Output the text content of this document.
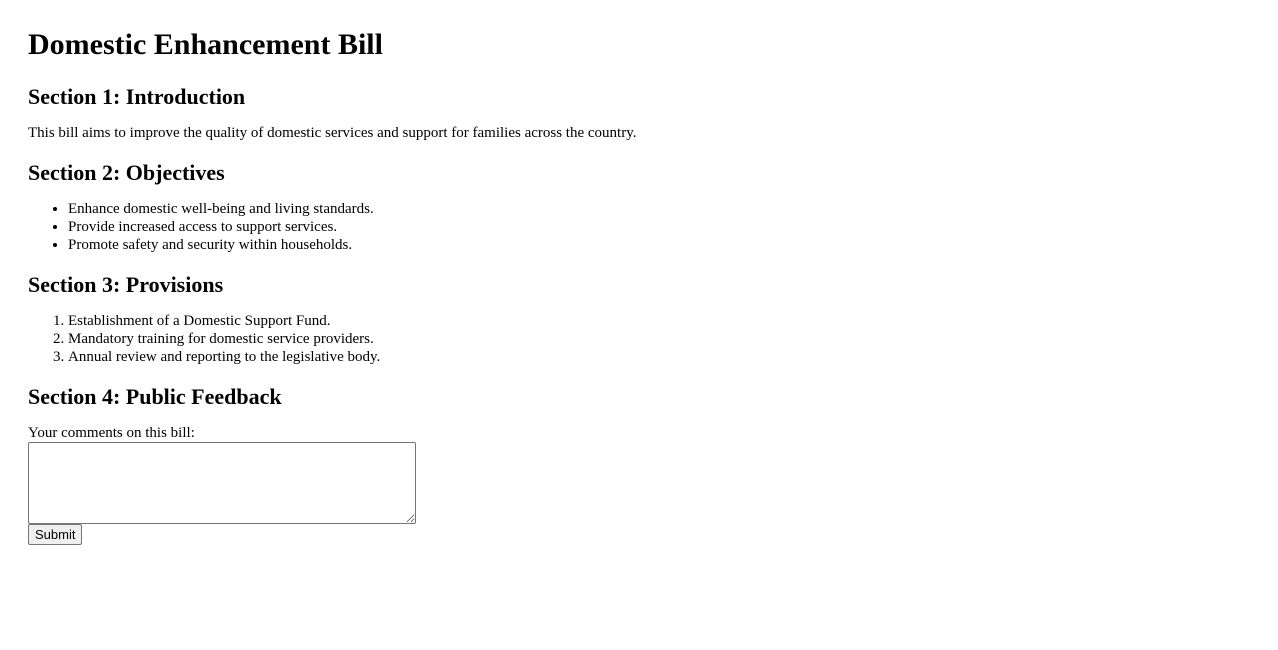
Domestic Enhancement Bill
Section 1: Introduction

This bill aims to improve the quality of domestic services and support for families across the country.

Section 2: Objectives
• Enhance domestic well-being and living standards.
• Provide increased access to support services.
• Promote safety and security within households.
Section 3: Provisions
1. Establishment of a Domestic Support Fund.
2. Mandatory training for domestic service providers.
3. Annual review and reporting to the legislative body.
Section 4: Public Feedback
Your comments on this bill:
Submit
